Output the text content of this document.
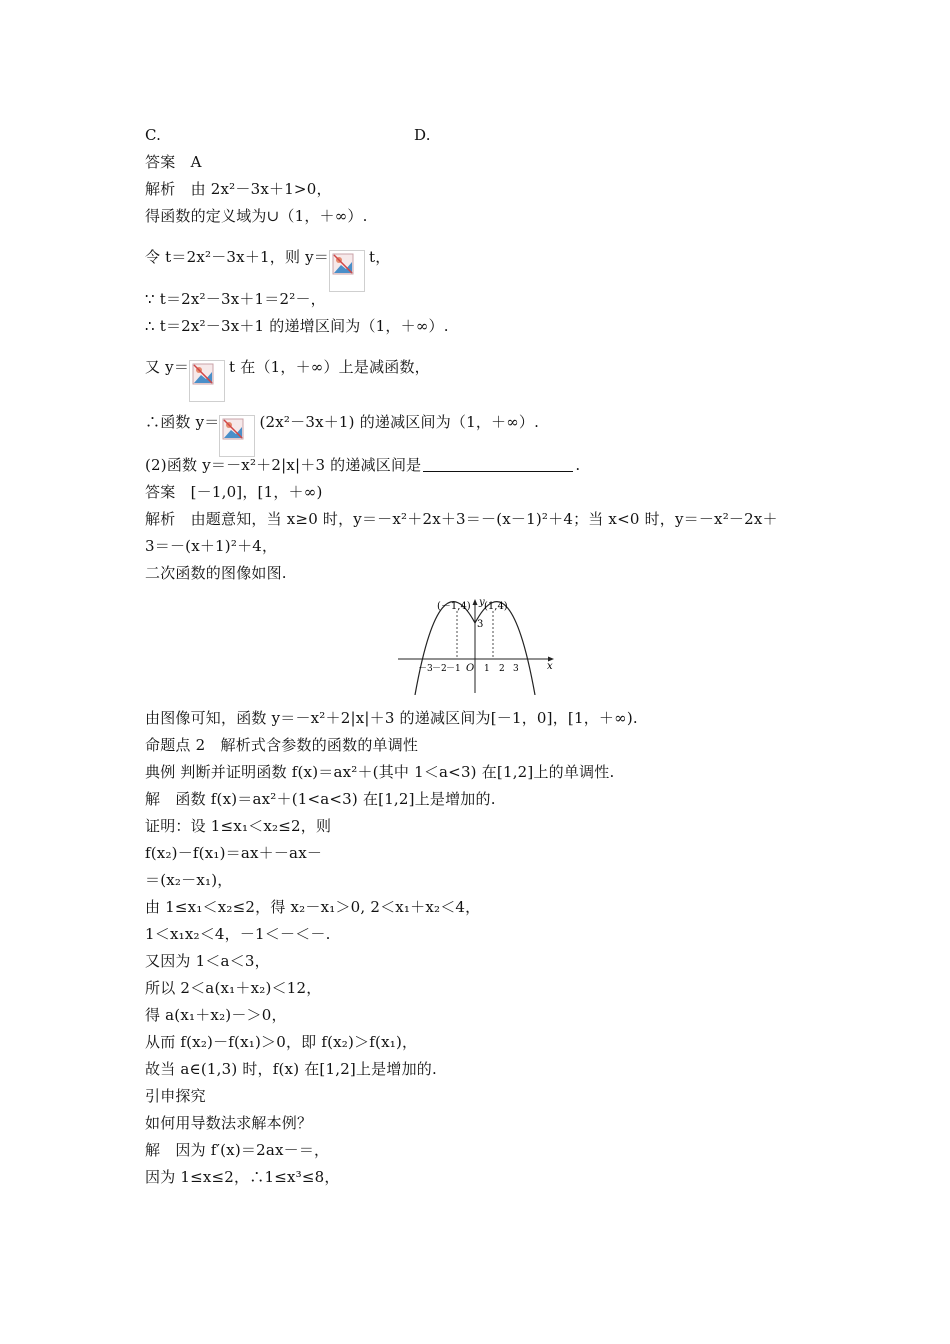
C.	D.
答案　A
解析　由 2x²－3x＋1>0，
得函数的定义域为∪（1，＋∞）.
令 t＝2x²－3x＋1，则 y＝	t，
∵ t＝2x²－3x＋1＝2²－，
∴ t＝2x²－3x＋1 的递增区间为（1，＋∞）.
又 y＝	t 在（1，＋∞）上是减函数，
∴函数 y＝	(2x²－3x＋1) 的递减区间为（1，＋∞）.
(2)函数 y＝－x²＋2|x|＋3 的递减区间是	.
答案　[－1,0]，[1，＋∞)
解析　由题意知，当 x≥0 时，y＝－x²＋2x＋3＝－(x－1)²＋4；当 x<0 时，y＝－x²－2x＋
3＝－(x＋1)²＋4，
二次函数的图像如图.
(－1,4) (1,4)
3
y
x
O
－3 －2 －1	1 2 3
由图像可知，函数 y＝－x²＋2|x|＋3 的递减区间为[－1，0]，[1，＋∞).
命题点 2　解析式含参数的函数的单调性
典例 判断并证明函数 f(x)＝ax²＋(其中 1＜a<3) 在[1,2]上的单调性.
解　函数 f(x)＝ax²＋(1<a<3) 在[1,2]上是增加的.
证明：设 1≤x₁＜x₂≤2，则
f(x₂)－f(x₁)＝ax＋－ax－
＝(x₂－x₁)，
由 1≤x₁＜x₂≤2，得 x₂－x₁＞0, 2＜x₁＋x₂＜4，
1＜x₁x₂＜4，－1＜－＜－.
又因为 1＜a＜3，
所以 2＜a(x₁＋x₂)＜12，
得 a(x₁＋x₂)－＞0，
从而 f(x₂)－f(x₁)＞0，即 f(x₂)＞f(x₁)，
故当 a∈(1,3) 时，f(x) 在[1,2]上是增加的.
引申探究
如何用导数法求解本例？
解　因为 f′(x)＝2ax－＝，
因为 1≤x≤2，∴1≤x³≤8，
